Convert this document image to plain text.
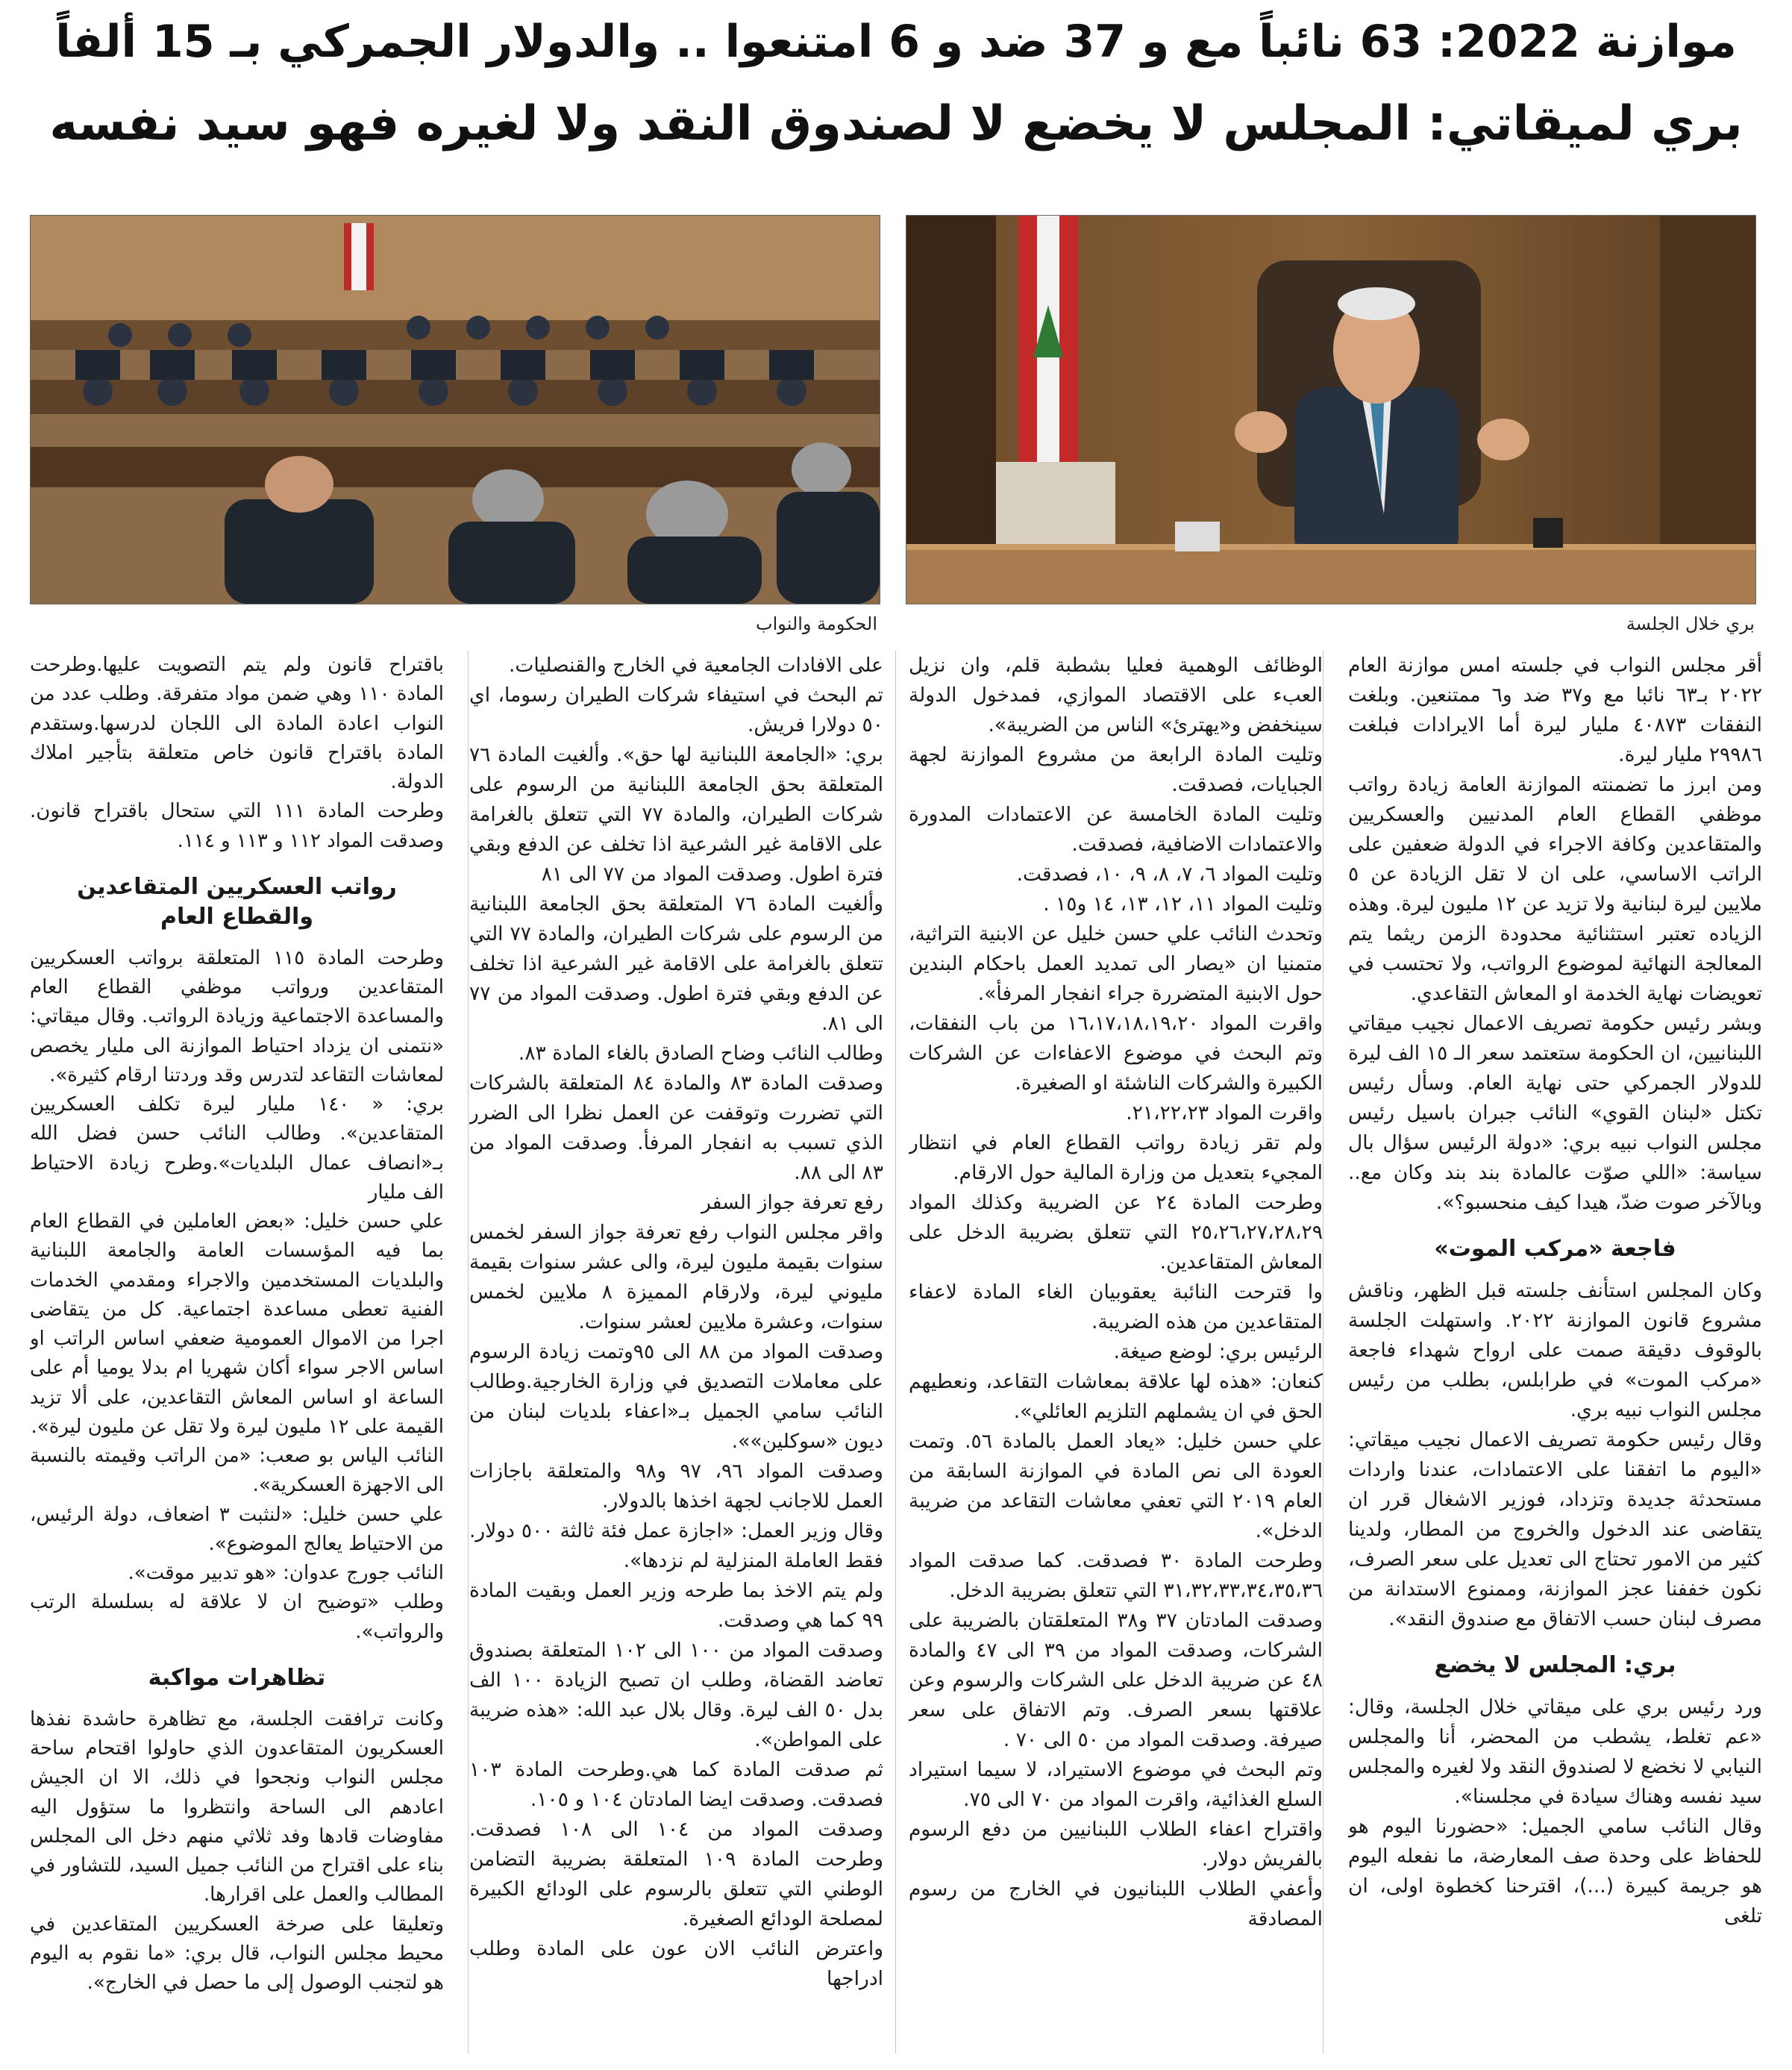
موازنة 2022: 63 نائباً مع و 37 ضد و 6 امتنعوا .. والدولار الجمركي بـ 15 ألفاً
بري لميقاتي: المجلس لا يخضع لا لصندوق النقد ولا لغيره فهو سيد نفسه
بري خلال الجلسة
الحكومة والنواب

أقر مجلس النواب في جلسته امس موازنة العام ٢٠٢٢ بـ٦٣ نائبا مع و٣٧ ضد و٦ ممتنعين. وبلغت النفقات ٤٠٨٧٣ مليار ليرة أما الايرادات فبلغت ٢٩٩٨٦ مليار ليرة.

ومن ابرز ما تضمنته الموازنة العامة زيادة رواتب موظفي القطاع العام المدنيين والعسكريين والمتقاعدين وكافة الاجراء في الدولة ضعفين على الراتب الاساسي، على ان لا تقل الزيادة عن ٥ ملايين ليرة لبنانية ولا تزيد عن ١٢ مليون ليرة. وهذه الزياده تعتبر استثنائية محدودة الزمن ريثما يتم المعالجة النهائية لموضوع الرواتب، ولا تحتسب في تعويضات نهاية الخدمة او المعاش التقاعدي.

وبشر رئيس حكومة تصريف الاعمال نجيب ميقاتي اللبنانيين، ان الحكومة ستعتمد سعر الـ ١٥ الف ليرة للدولار الجمركي حتى نهاية العام. وسأل رئيس تكتل «لبنان القوي» النائب جبران باسيل رئيس مجلس النواب نبيه بري: «دولة الرئيس سؤال بال سياسة: «اللي صوّت عالمادة بند بند وكان مع.. وبالآخر صوت ضدّ، هيدا كيف منحسبو؟».

فاجعة «مركب الموت»

وكان المجلس استأنف جلسته قبل الظهر، وناقش مشروع قانون الموازنة ٢٠٢٢. واستهلت الجلسة بالوقوف دقيقة صمت على ارواح شهداء فاجعة «مركب الموت» في طرابلس، بطلب من رئيس مجلس النواب نبيه بري.

وقال رئيس حكومة تصريف الاعمال نجيب ميقاتي: «اليوم ما اتفقنا على الاعتمادات، عندنا واردات مستحدثة جديدة وتزداد، فوزير الاشغال قرر ان يتقاضى عند الدخول والخروج من المطار، ولدينا كثير من الامور تحتاج الى تعديل على سعر الصرف، نكون خففنا عجز الموازنة، وممنوع الاستدانة من مصرف لبنان حسب الاتفاق مع صندوق النقد».

بري: المجلس لا يخضع

ورد رئيس بري على ميقاتي خلال الجلسة، وقال: «عم تغلط، يشطب من المحضر، أنا والمجلس النيابي لا نخضع لا لصندوق النقد ولا لغيره والمجلس سيد نفسه وهناك سيادة في مجلسنا».

وقال النائب سامي الجميل: «حضورنا اليوم هو للحفاظ على وحدة صف المعارضة، ما نفعله اليوم هو جريمة كبيرة (...)، اقترحنا كخطوة اولى، ان تلغى

الوظائف الوهمية فعليا بشطبة قلم، وان نزيل العبء على الاقتصاد الموازي، فمدخول الدولة سينخفض و«يهترئ» الناس من الضريبة».

وتليت المادة الرابعة من مشروع الموازنة لجهة الجبايات، فصدقت.

وتليت المادة الخامسة عن الاعتمادات المدورة والاعتمادات الاضافية، فصدقت.

وتليت المواد ٦، ٧، ٨، ٩، ١٠، فصدقت.

وتليت المواد ١١، ١٢، ١٣، ١٤ و١٥ .

وتحدث النائب علي حسن خليل عن الابنية التراثية، متمنيا ان «يصار الى تمديد العمل باحكام البندين حول الابنية المتضررة جراء انفجار المرفأ».

واقرت المواد ١٦،١٧،١٨،١٩،٢٠ من باب النفقات، وتم البحث في موضوع الاعفاءات عن الشركات الكبيرة والشركات الناشئة او الصغيرة.

واقرت المواد ٢١،٢٢،٢٣.

ولم تقر زيادة رواتب القطاع العام في انتظار المجيء بتعديل من وزارة المالية حول الارقام.

وطرحت المادة ٢٤ عن الضريبة وكذلك المواد ٢٥،٢٦،٢٧،٢٨،٢٩ التي تتعلق بضريبة الدخل على المعاش المتقاعدين.

وا قترحت النائبة يعقوبيان الغاء المادة لاعفاء المتقاعدين من هذه الضريبة.

الرئيس بري: لوضع صيغة.

كنعان: «هذه لها علاقة بمعاشات التقاعد، ونعطيهم الحق في ان يشملهم التلزيم العائلي».

علي حسن خليل: «يعاد العمل بالمادة ٥٦. وتمت العودة الى نص المادة في الموازنة السابقة من العام ٢٠١٩ التي تعفي معاشات التقاعد من ضريبة الدخل».

وطرحت المادة ٣٠ فصدقت. كما صدقت المواد ٣١،٣٢،٣٣،٣٤،٣٥،٣٦ التي تتعلق بضريبة الدخل.

وصدقت المادتان ٣٧ و٣٨ المتعلقتان بالضريبة على الشركات، وصدقت المواد من ٣٩ الى ٤٧ والمادة ٤٨ عن ضريبة الدخل على الشركات والرسوم وعن علاقتها بسعر الصرف. وتم الاتفاق على سعر صيرفة. وصدقت المواد من ٥٠ الى ٧٠ .

وتم البحث في موضوع الاستيراد، لا سيما استيراد السلع الغذائية، واقرت المواد من ٧٠ الى ٧٥.

واقتراح اعفاء الطلاب اللبنانيين من دفع الرسوم بالفريش دولار.

وأعفي الطلاب اللبنانيون في الخارج من رسوم المصادقة

على الافادات الجامعية في الخارج والقنصليات.

تم البحث في استيفاء شركات الطيران رسوما، اي ٥٠ دولارا فريش.

بري: «الجامعة اللبنانية لها حق». وألغيت المادة ٧٦ المتعلقة بحق الجامعة اللبنانية من الرسوم على شركات الطيران، والمادة ٧٧ التي تتعلق بالغرامة على الاقامة غير الشرعية اذا تخلف عن الدفع وبقي فترة اطول. وصدقت المواد من ٧٧ الى ٨١

وألغيت المادة ٧٦ المتعلقة بحق الجامعة اللبنانية من الرسوم على شركات الطيران، والمادة ٧٧ التي تتعلق بالغرامة على الاقامة غير الشرعية اذا تخلف عن الدفع وبقي فترة اطول. وصدقت المواد من ٧٧ الى ٨١.

وطالب النائب وضاح الصادق بالغاء المادة ٨٣.

وصدقت المادة ٨٣ والمادة ٨٤ المتعلقة بالشركات التي تضررت وتوقفت عن العمل نظرا الى الضرر الذي تسبب به انفجار المرفأ. وصدقت المواد من ٨٣ الى ٨٨.

رفع تعرفة جواز السفر

واقر مجلس النواب رفع تعرفة جواز السفر لخمس سنوات بقيمة مليون ليرة، والى عشر سنوات بقيمة مليوني ليرة، ولارقام المميزة ٨ ملايين لخمس سنوات، وعشرة ملايين لعشر سنوات.

وصدقت المواد من ٨٨ الى ٩٥وتمت زيادة الرسوم على معاملات التصديق في وزارة الخارجية.وطالب النائب سامي الجميل بـ«اعفاء بلديات لبنان من ديون «سوكلين»».

وصدقت المواد ٩٦، ٩٧ و٩٨ والمتعلقة باجازات العمل للاجانب لجهة اخذها بالدولار.

وقال وزير العمل: «اجازة عمل فئة ثالثة ٥٠٠ دولار. فقط العاملة المنزلية لم نزدها».

ولم يتم الاخذ بما طرحه وزير العمل وبقيت المادة ٩٩ كما هي وصدقت.

وصدقت المواد من ١٠٠ الى ١٠٢ المتعلقة بصندوق تعاضد القضاة، وطلب ان تصبح الزيادة ١٠٠ الف بدل ٥٠ الف ليرة. وقال بلال عبد الله: «هذه ضريبة على المواطن».

ثم صدقت المادة كما هي.وطرحت المادة ١٠٣ فصدقت. وصدقت ايضا المادتان ١٠٤ و ١٠٥.

وصدقت المواد من ١٠٤ الى ١٠٨ فصدقت. وطرحت المادة ١٠٩ المتعلقة بضريبة التضامن الوطني التي تتعلق بالرسوم على الودائع الكبيرة لمصلحة الودائع الصغيرة.

واعترض النائب الان عون على المادة وطلب ادراجها

باقتراح قانون ولم يتم التصويت عليها.وطرحت المادة ١١٠ وهي ضمن مواد متفرقة. وطلب عدد من النواب اعادة المادة الى اللجان لدرسها.وستقدم المادة باقتراح قانون خاص متعلقة بتأجير املاك الدولة.

وطرحت المادة ١١١ التي ستحال باقتراح قانون. وصدقت المواد ١١٢ و ١١٣ و ١١٤.

رواتب العسكريين المتقاعدين والقطاع العام

وطرحت المادة ١١٥ المتعلقة برواتب العسكريين المتقاعدين ورواتب موظفي القطاع العام والمساعدة الاجتماعية وزيادة الرواتب. وقال ميقاتي: «نتمنى ان يزداد احتياط الموازنة الى مليار يخصص لمعاشات التقاعد لتدرس وقد وردتنا ارقام كثيرة».

بري: « ١٤٠ مليار ليرة تكلف العسكريين المتقاعدين». وطالب النائب حسن فضل الله بـ«انصاف عمال البلديات».وطرح زيادة الاحتياط الف مليار

علي حسن خليل: «بعض العاملين في القطاع العام بما فيه المؤسسات العامة والجامعة اللبنانية والبلديات المستخدمين والاجراء ومقدمي الخدمات الفنية تعطى مساعدة اجتماعية. كل من يتقاضى اجرا من الاموال العمومية ضعفي اساس الراتب او اساس الاجر سواء أكان شهريا ام بدلا يوميا أم على الساعة او اساس المعاش التقاعدين، على ألا تزيد القيمة على ١٢ مليون ليرة ولا تقل عن مليون ليرة».

النائب الياس بو صعب: «من الراتب وقيمته بالنسبة الى الاجهزة العسكرية».

علي حسن خليل: «لنثبت ٣ اضعاف، دولة الرئيس، من الاحتياط يعالج الموضوع».

النائب جورج عدوان: «هو تدبير موقت».

وطلب «توضيح ان لا علاقة له بسلسلة الرتب والرواتب».

تظاهرات مواكبة

وكانت ترافقت الجلسة، مع تظاهرة حاشدة نفذها العسكريون المتقاعدون الذي حاولوا اقتحام ساحة مجلس النواب ونجحوا في ذلك، الا ان الجيش اعادهم الى الساحة وانتظروا ما ستؤول اليه مفاوضات قادها وفد ثلاثي منهم دخل الى المجلس بناء على اقتراح من النائب جميل السيد، للتشاور في المطالب والعمل على اقرارها.

وتعليقا على صرخة العسكريين المتقاعدين في محيط مجلس النواب، قال بري: «ما نقوم به اليوم هو لتجنب الوصول إلى ما حصل في الخارج».
